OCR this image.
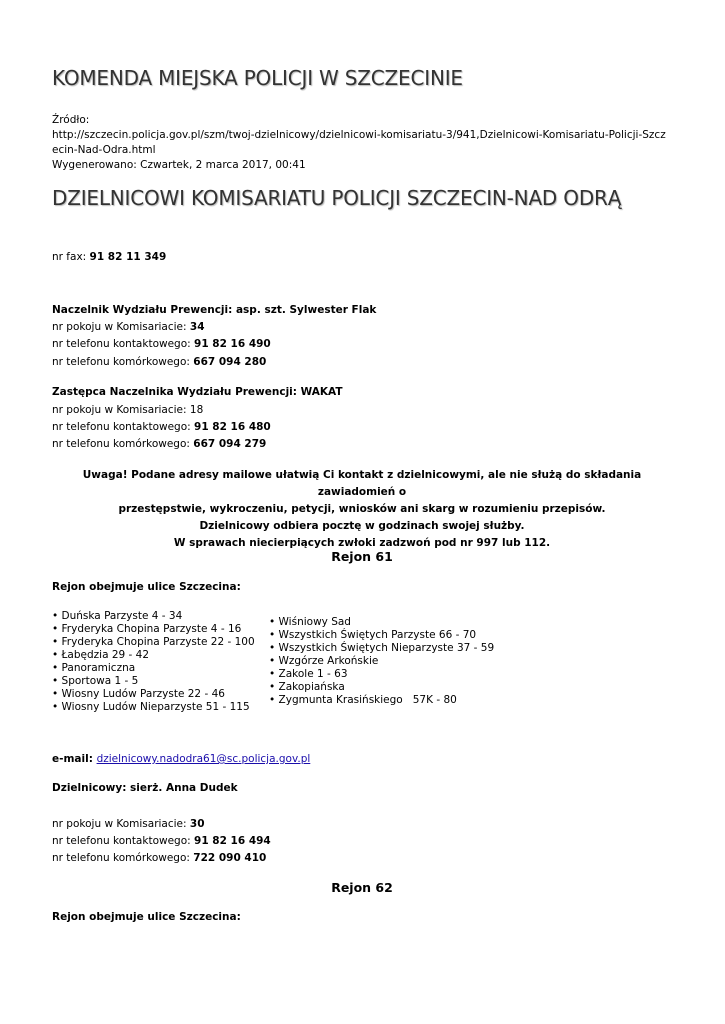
KOMENDA MIEJSKA POLICJI W SZCZECINIE
Źródło:
http://szczecin.policja.gov.pl/szm/twoj-dzielnicowy/dzielnicowi-komisariatu-3/941,Dzielnicowi-Komisariatu-Policji-Szczecin-Nad-Odra.html
Wygenerowano: Czwartek, 2 marca 2017, 00:41
DZIELNICOWI KOMISARIATU POLICJI SZCZECIN-NAD ODRĄ
nr fax: 91 82 11 349
Naczelnik Wydziału Prewencji: asp. szt. Sylwester Flak
nr pokoju w Komisariacie: 34
nr telefonu kontaktowego: 91 82 16 490
nr telefonu komórkowego: 667 094 280
Zastępca Naczelnika Wydziału Prewencji: WAKAT
nr pokoju w Komisariacie: 18
nr telefonu kontaktowego: 91 82 16 480
nr telefonu komórkowego: 667 094 279
Uwaga! Podane adresy mailowe ułatwią Ci kontakt z dzielnicowymi, ale nie służą do składania zawiadomień o
przestępstwie, wykroczeniu, petycji, wniosków ani skarg w rozumieniu przepisów.
Dzielnicowy odbiera pocztę w godzinach swojej służby.
W sprawach niecierpiących zwłoki zadzwoń pod nr 997 lub 112.
Rejon 61
Rejon obejmuje ulice Szczecina:
• Duńska Parzyste 4 - 34
• Fryderyka Chopina Parzyste 4 - 16
• Fryderyka Chopina Parzyste 22 - 100
• Łabędzia 29 - 42
• Panoramiczna
• Sportowa 1 - 5
• Wiosny Ludów Parzyste 22 - 46
• Wiosny Ludów Nieparzyste 51 - 115
• Wiśniowy Sad
• Wszystkich Świętych Parzyste 66 - 70
• Wszystkich Świętych Nieparzyste 37 - 59
• Wzgórze Arkońskie
• Zakole 1 - 63
• Zakopiańska
• Zygmunta Krasińskiego   57K - 80
e-mail: dzielnicowy.nadodra61@sc.policja.gov.pl
Dzielnicowy: sierż. Anna Dudek
nr pokoju w Komisariacie: 30
nr telefonu kontaktowego: 91 82 16 494
nr telefonu komórkowego: 722 090 410
Rejon 62
Rejon obejmuje ulice Szczecina:
